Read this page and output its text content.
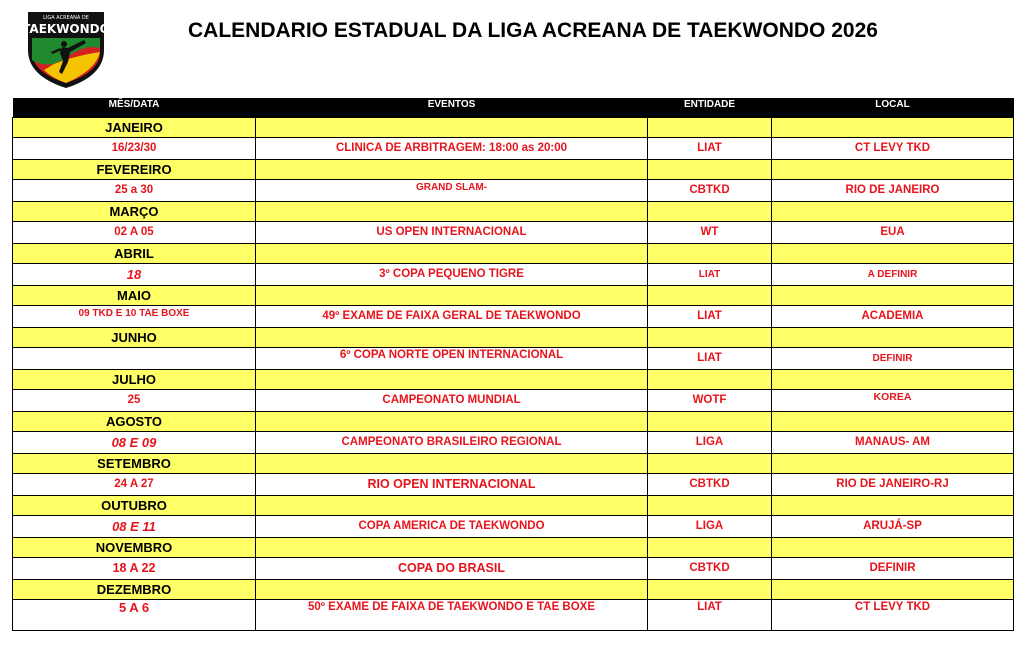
LIGA ACREANA DE
TAEKWONDO	CALENDARIO ESTADUAL DA LIGA ACREANA DE TAEKWONDO 2026
MÊS/DATA	EVENTOS	ENTIDADE	LOCAL
JANEIRO			
16/23/30	CLINICA DE ARBITRAGEM: 18:00 as 20:00	LIAT	CT LEVY TKD
FEVEREIRO			
25 a 30	GRAND SLAM-	CBTKD	RIO DE JANEIRO
MARÇO			
02 A 05	US OPEN INTERNACIONAL	WT	EUA
ABRIL			
18	3º COPA PEQUENO TIGRE	LIAT	A DEFINIR
MAIO			
09 TKD E 10 TAE BOXE	49º EXAME DE FAIXA GERAL DE TAEKWONDO	LIAT	ACADEMIA
JUNHO			
	6º COPA NORTE OPEN INTERNACIONAL	LIAT	DEFINIR
JULHO			
25	CAMPEONATO MUNDIAL	WOTF	KOREA
AGOSTO			
08 E 09	CAMPEONATO BRASILEIRO REGIONAL	LIGA	MANAUS- AM
SETEMBRO			
24 A 27	RIO OPEN INTERNACIONAL	CBTKD	RIO DE JANEIRO-RJ
OUTUBRO			
08 E 11	COPA AMERICA DE TAEKWONDO	LIGA	ARUJÁ-SP
NOVEMBRO			
18 A 22	COPA DO BRASIL	CBTKD	DEFINIR
DEZEMBRO			
5 A 6	50º EXAME DE FAIXA DE TAEKWONDO E TAE BOXE	LIAT	CT LEVY TKD
